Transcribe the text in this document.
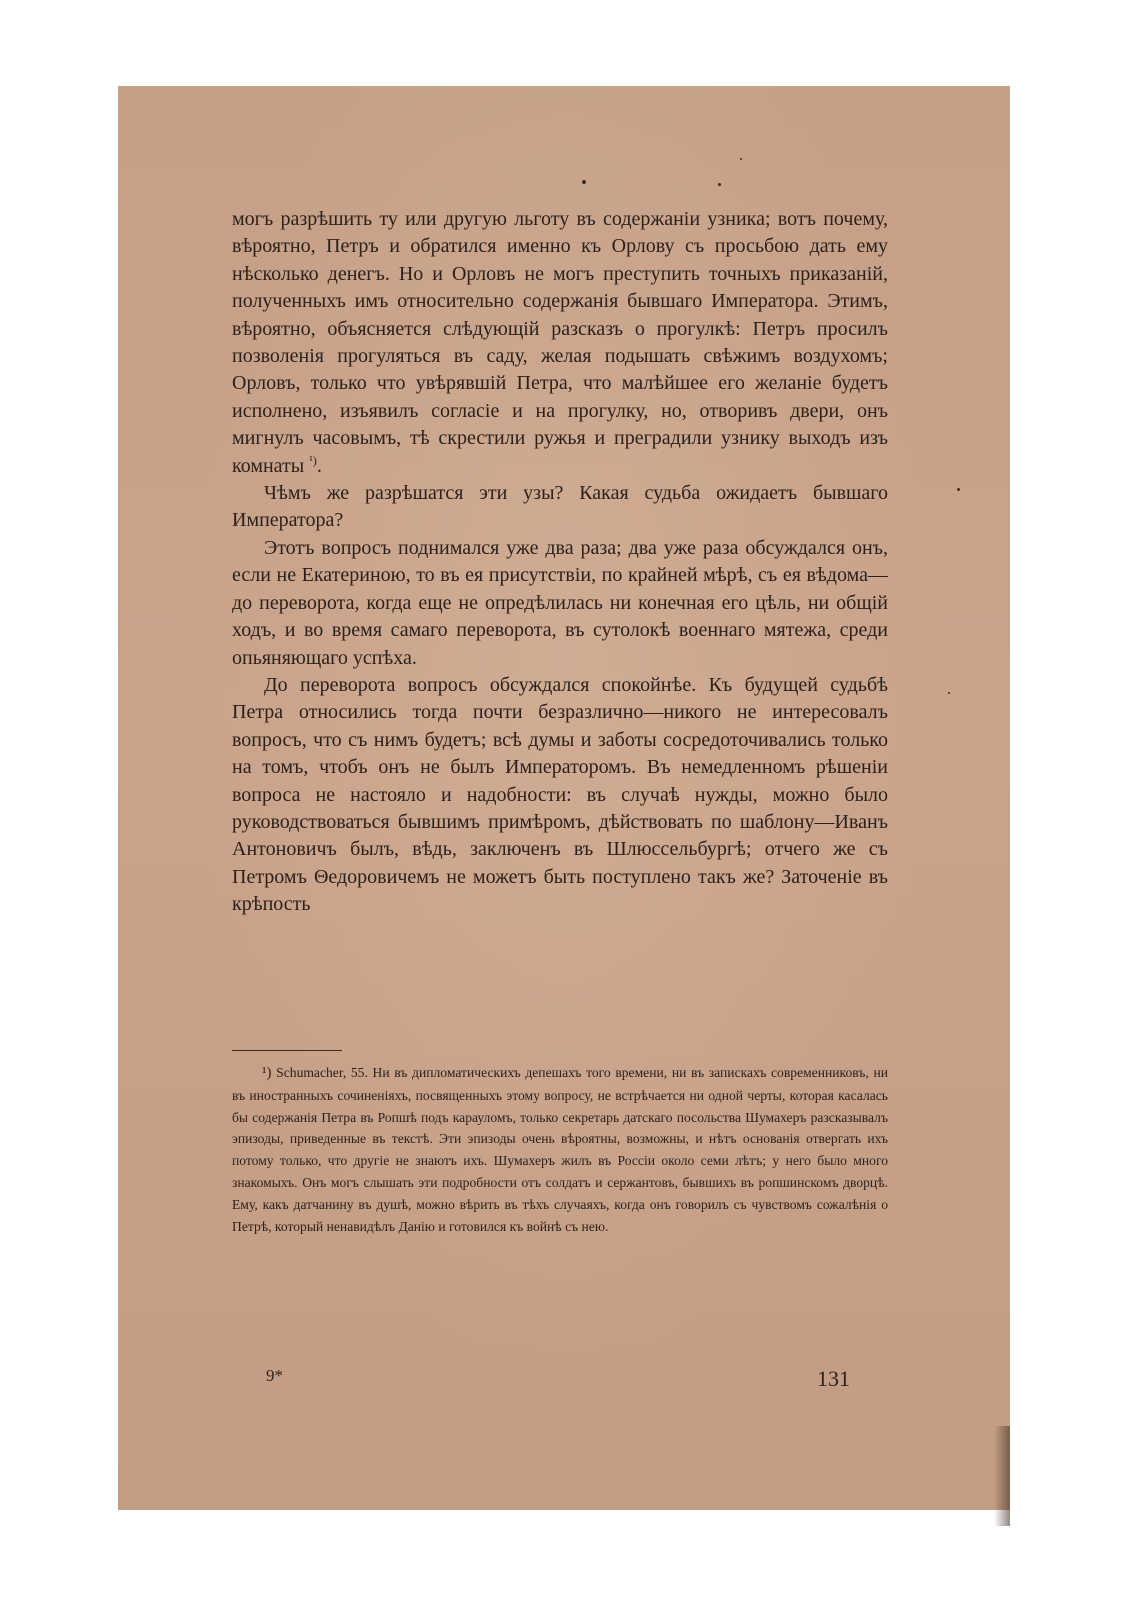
могъ разрѣшить ту или другую льготу въ содержанiи узника; вотъ почему, вѣроятно, Петръ и обратился именно къ Орлову съ просьбою дать ему нѣсколько денегъ. Но и Орловъ не могъ преступить точныхъ приказанiй, полученныхъ имъ относительно содержанiя бывшаго Императора. Этимъ, вѣроятно, объясняется слѣдующiй разсказъ о прогулкѣ: Петръ просилъ позволенiя прогуляться въ саду, желая подышать свѣжимъ воздухомъ; Орловъ, только что увѣрявшiй Петра, что малѣйшее его желанiе будетъ исполнено, изъявилъ согласiе и на прогулку, но, отворивъ двери, онъ мигнулъ часовымъ, тѣ скрестили ружья и преградили узнику выходъ изъ комнаты $^{^1)}$.

Чѣмъ же разрѣшатся эти узы? Какая судьба ожидаетъ бывшаго Императора?

Этотъ вопросъ поднимался уже два раза; два уже раза обсуждался онъ, если не Екатериною, то въ ея присутствiи, по крайней мѣрѣ, съ ея вѣдома—до переворота, когда еще не опредѣлилась ни конечная его цѣль, ни общiй ходъ, и во время самаго переворота, въ сутолокѣ военнаго мятежа, среди опьяняющаго успѣха.

До переворота вопросъ обсуждался спокойнѣе. Къ будущей судьбѣ Петра относились тогда почти безразлично—никого не интересовалъ вопросъ, что съ нимъ будетъ; всѣ думы и заботы сосредоточивались только на томъ, чтобъ онъ не былъ Императоромъ. Въ немедленномъ рѣшенiи вопроса не настояло и надобности: въ случаѣ нужды, можно было руководствоваться бывшимъ примѣромъ, дѣйствовать по шаблону—Иванъ Антоновичъ былъ, вѣдь, заключенъ въ Шлюссельбургѣ; отчего же съ Петромъ Θедоровичемъ не можетъ быть поступлено такъ же? Заточенiе въ крѣпость

¹) Schumacher, 55. Ни въ дипломатическихъ депешахъ того времени, ни въ запискахъ современниковъ, ни въ иностранныхъ сочиненiяхъ, посвященныхъ этому вопросу, не встрѣчается ни одной черты, которая касалась бы содержанiя Петра въ Ропшѣ подъ карауломъ, только секретарь датскаго посольства Шумахеръ разсказывалъ эпизоды, приведенные въ текстѣ. Эти эпизоды очень вѣроятны, возможны, и нѣтъ основанiя отвергать ихъ потому только, что другiе не знаютъ ихъ. Шумахеръ жилъ въ Россiи около семи лѣтъ; у него было много знакомыхъ. Онъ могъ слышать эти подробности отъ солдатъ и сержантовъ, бывшихъ въ ропшинскомъ дворцѣ. Ему, какъ датчанину въ душѣ, можно вѣрить въ тѣхъ случаяхъ, когда онъ говорилъ съ чувствомъ сожалѣнiя о Петрѣ, который ненавидѣлъ Данiю и готовился къ войнѣ съ нею.
9*	131
